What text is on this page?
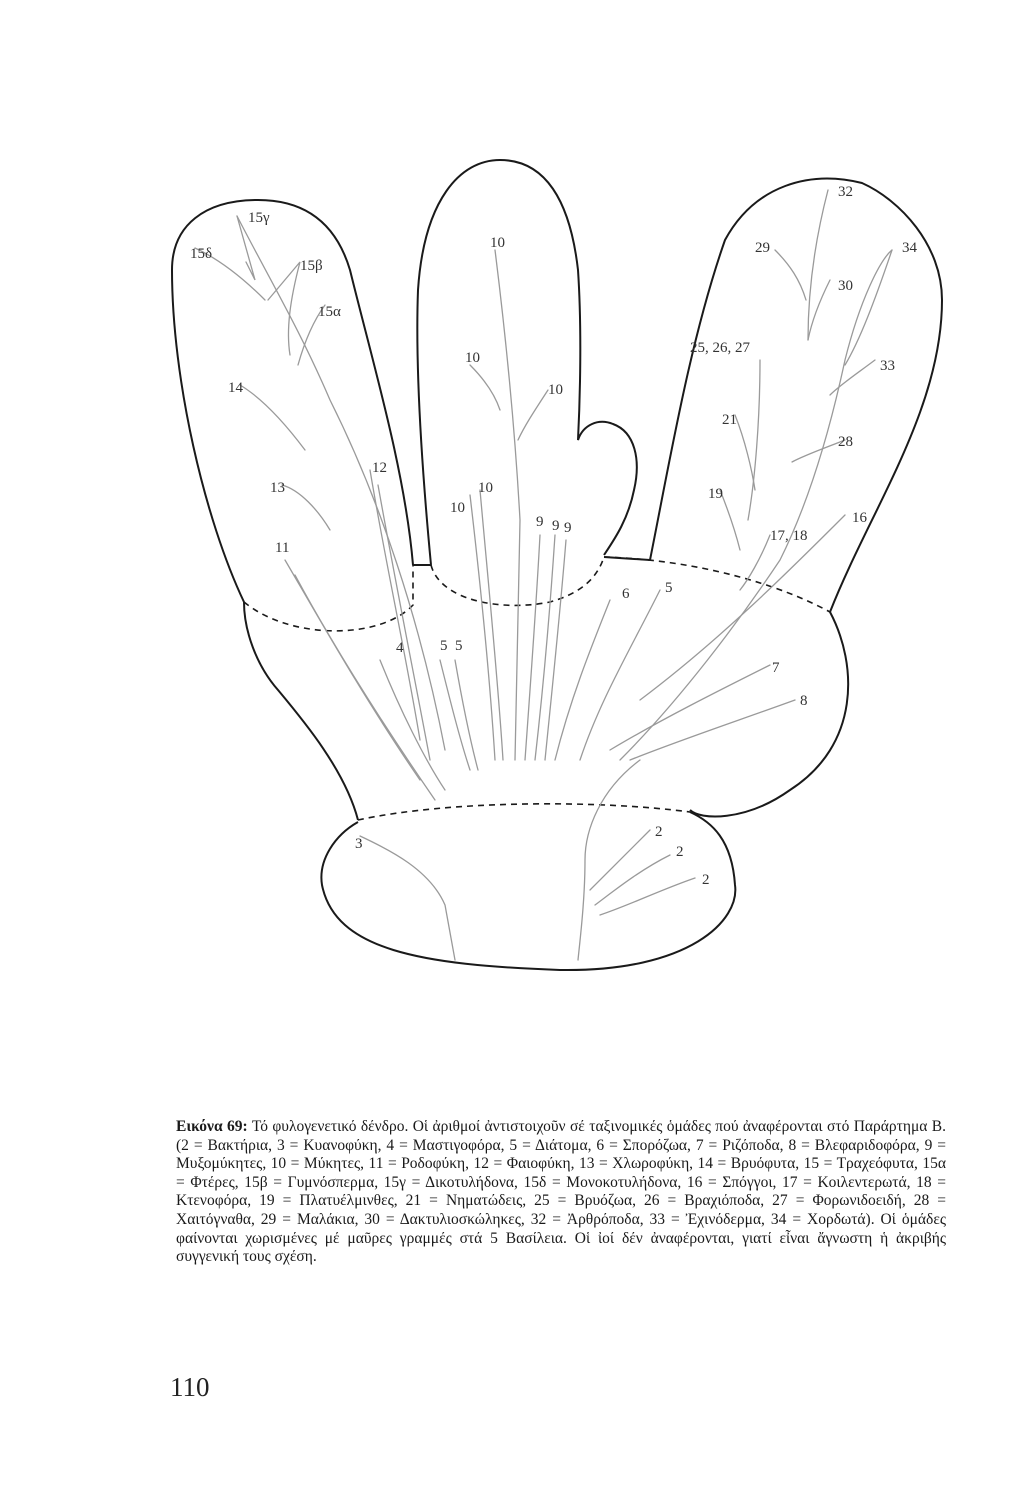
15γ
15δ
15β
15α
14
13
12
11
10
10
10
10
10
9 9 9
6 5
5 5
4
3
2
2
2
7
8
16
17, 18
19
21
25, 26, 27
28
29
30
32
33
34
Εικόνα 69: Τό φυλογενετικό δένδρο. Οἱ ἀριθμοί ἀντιστοιχοῦν σέ ταξινομικές ὁμάδες πού ἀναφέρονται στό Παράρτημα Β. (2 = Βακτήρια, 3 = Κυανοφύκη, 4 = Μαστιγοφόρα, 5 = Διάτομα, 6 = Σπορόζωα, 7 = Ριζόποδα, 8 = Βλεφαριδοφόρα, 9 = Μυξομύκητες, 10 = Μύκητες, 11 = Ροδοφύκη, 12 = Φαιοφύκη, 13 = Χλωροφύκη, 14 = Βρυόφυτα, 15 = Τραχεόφυτα, 15α = Φτέρες, 15β = Γυμνόσπερμα, 15γ = Δικοτυλήδονα, 15δ = Μονοκοτυλήδονα, 16 = Σπόγγοι, 17 = Κοιλεντερωτά, 18 = Κτενοφόρα, 19 = Πλατυέλμινθες, 21 = Νηματώδεις, 25 = Βρυόζωα, 26 = Βραχιόποδα, 27 = Φορωνιδοειδή, 28 = Χαιτόγναθα, 29 = Μαλάκια, 30 = Δακτυλιοσκώληκες, 32 = Ἀρθρόποδα, 33 = Ἐχινόδερμα, 34 = Χορδωτά). Οἱ ὁμάδες φαίνονται χωρισμένες μέ μαῦρες γραμμές στά 5 Βασίλεια. Οἱ ἰοί δέν ἀναφέρονται, γιατί εἶναι ἄγνωστη ἡ ἀκριβής συγγενική τους σχέση.
110
